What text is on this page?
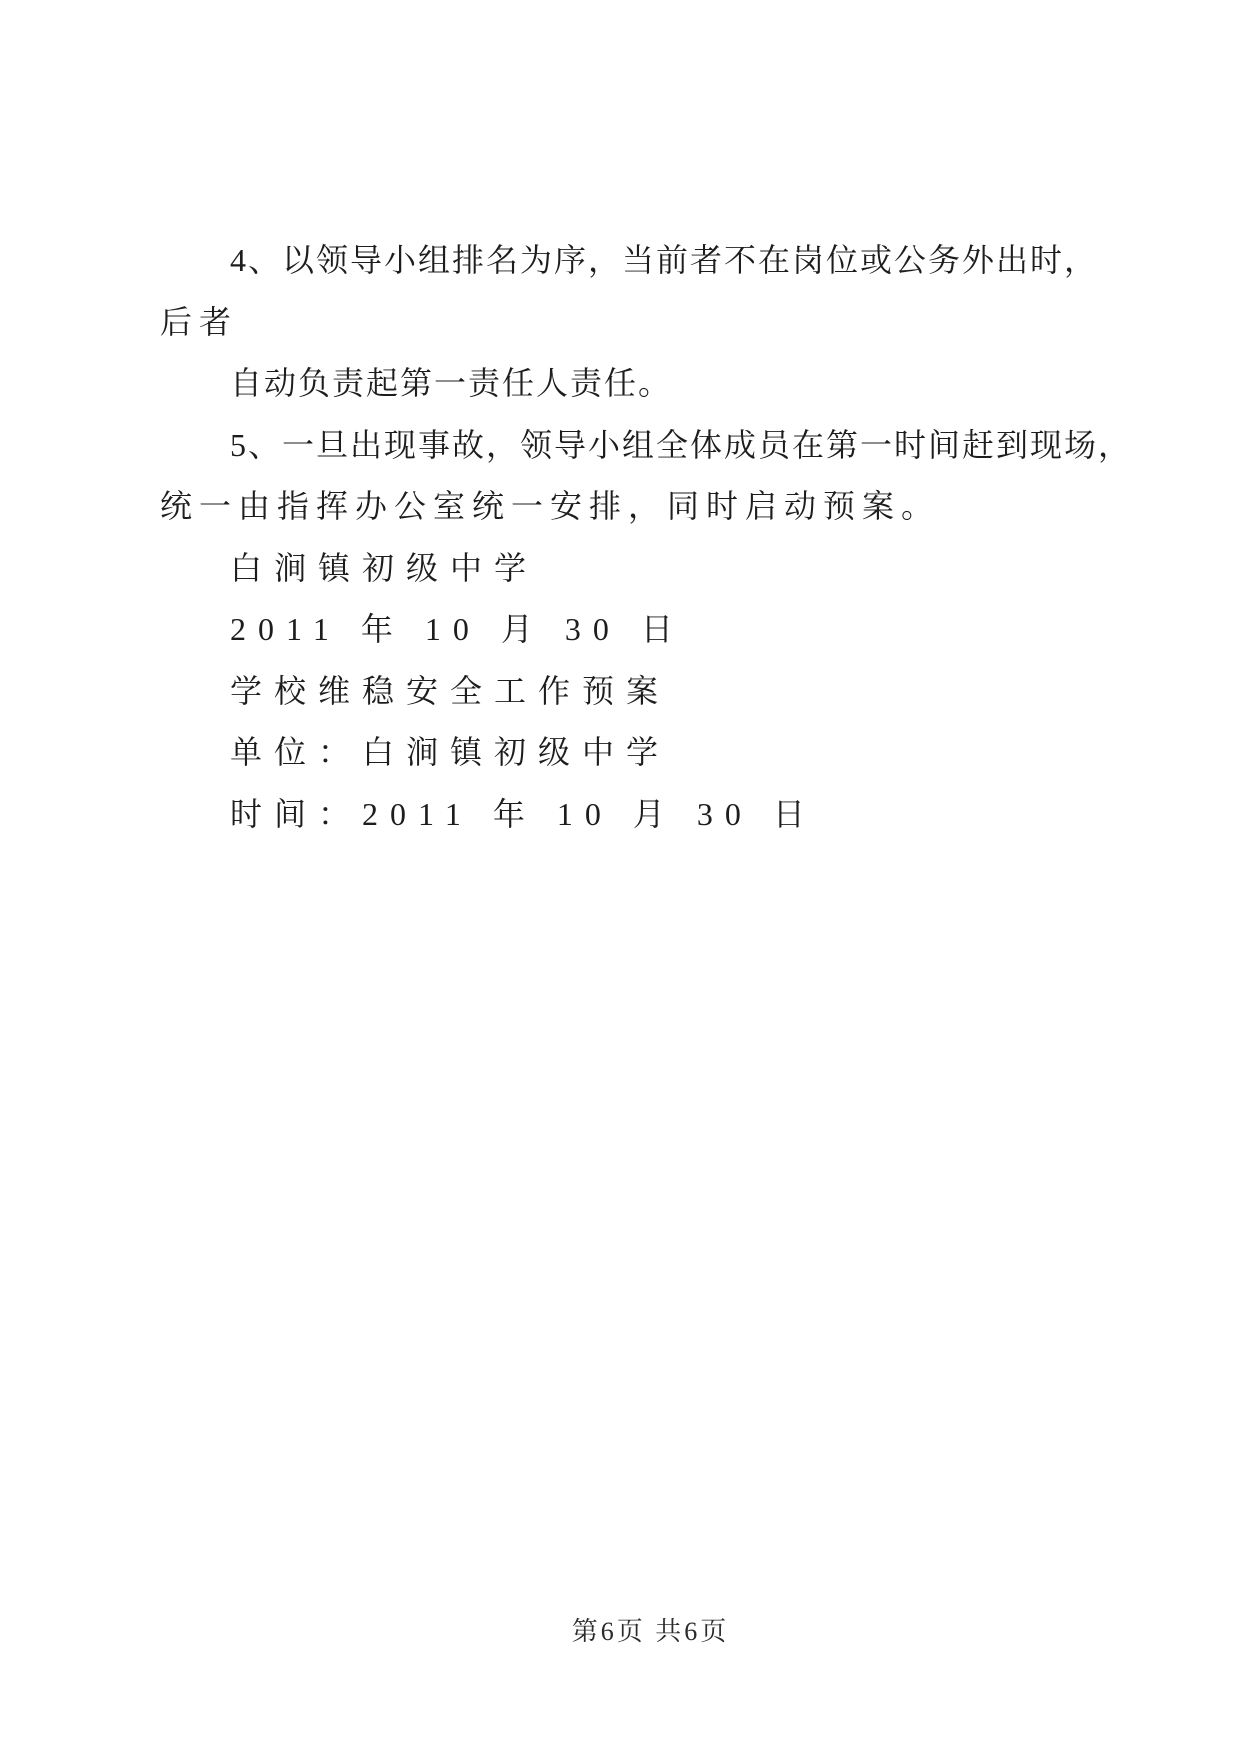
4、以领导小组排名为序，当前者不在岗位或公务外出时，
后者
自动负责起第一责任人责任。
5、一旦出现事故，领导小组全体成员在第一时间赶到现场，
统一由指挥办公室统一安排，同时启动预案。
白涧镇初级中学
2011 年 10 月 30 日
学校维稳安全工作预案
单位：白涧镇初级中学
时间：2011 年 10 月 30 日
第6页 共6页
